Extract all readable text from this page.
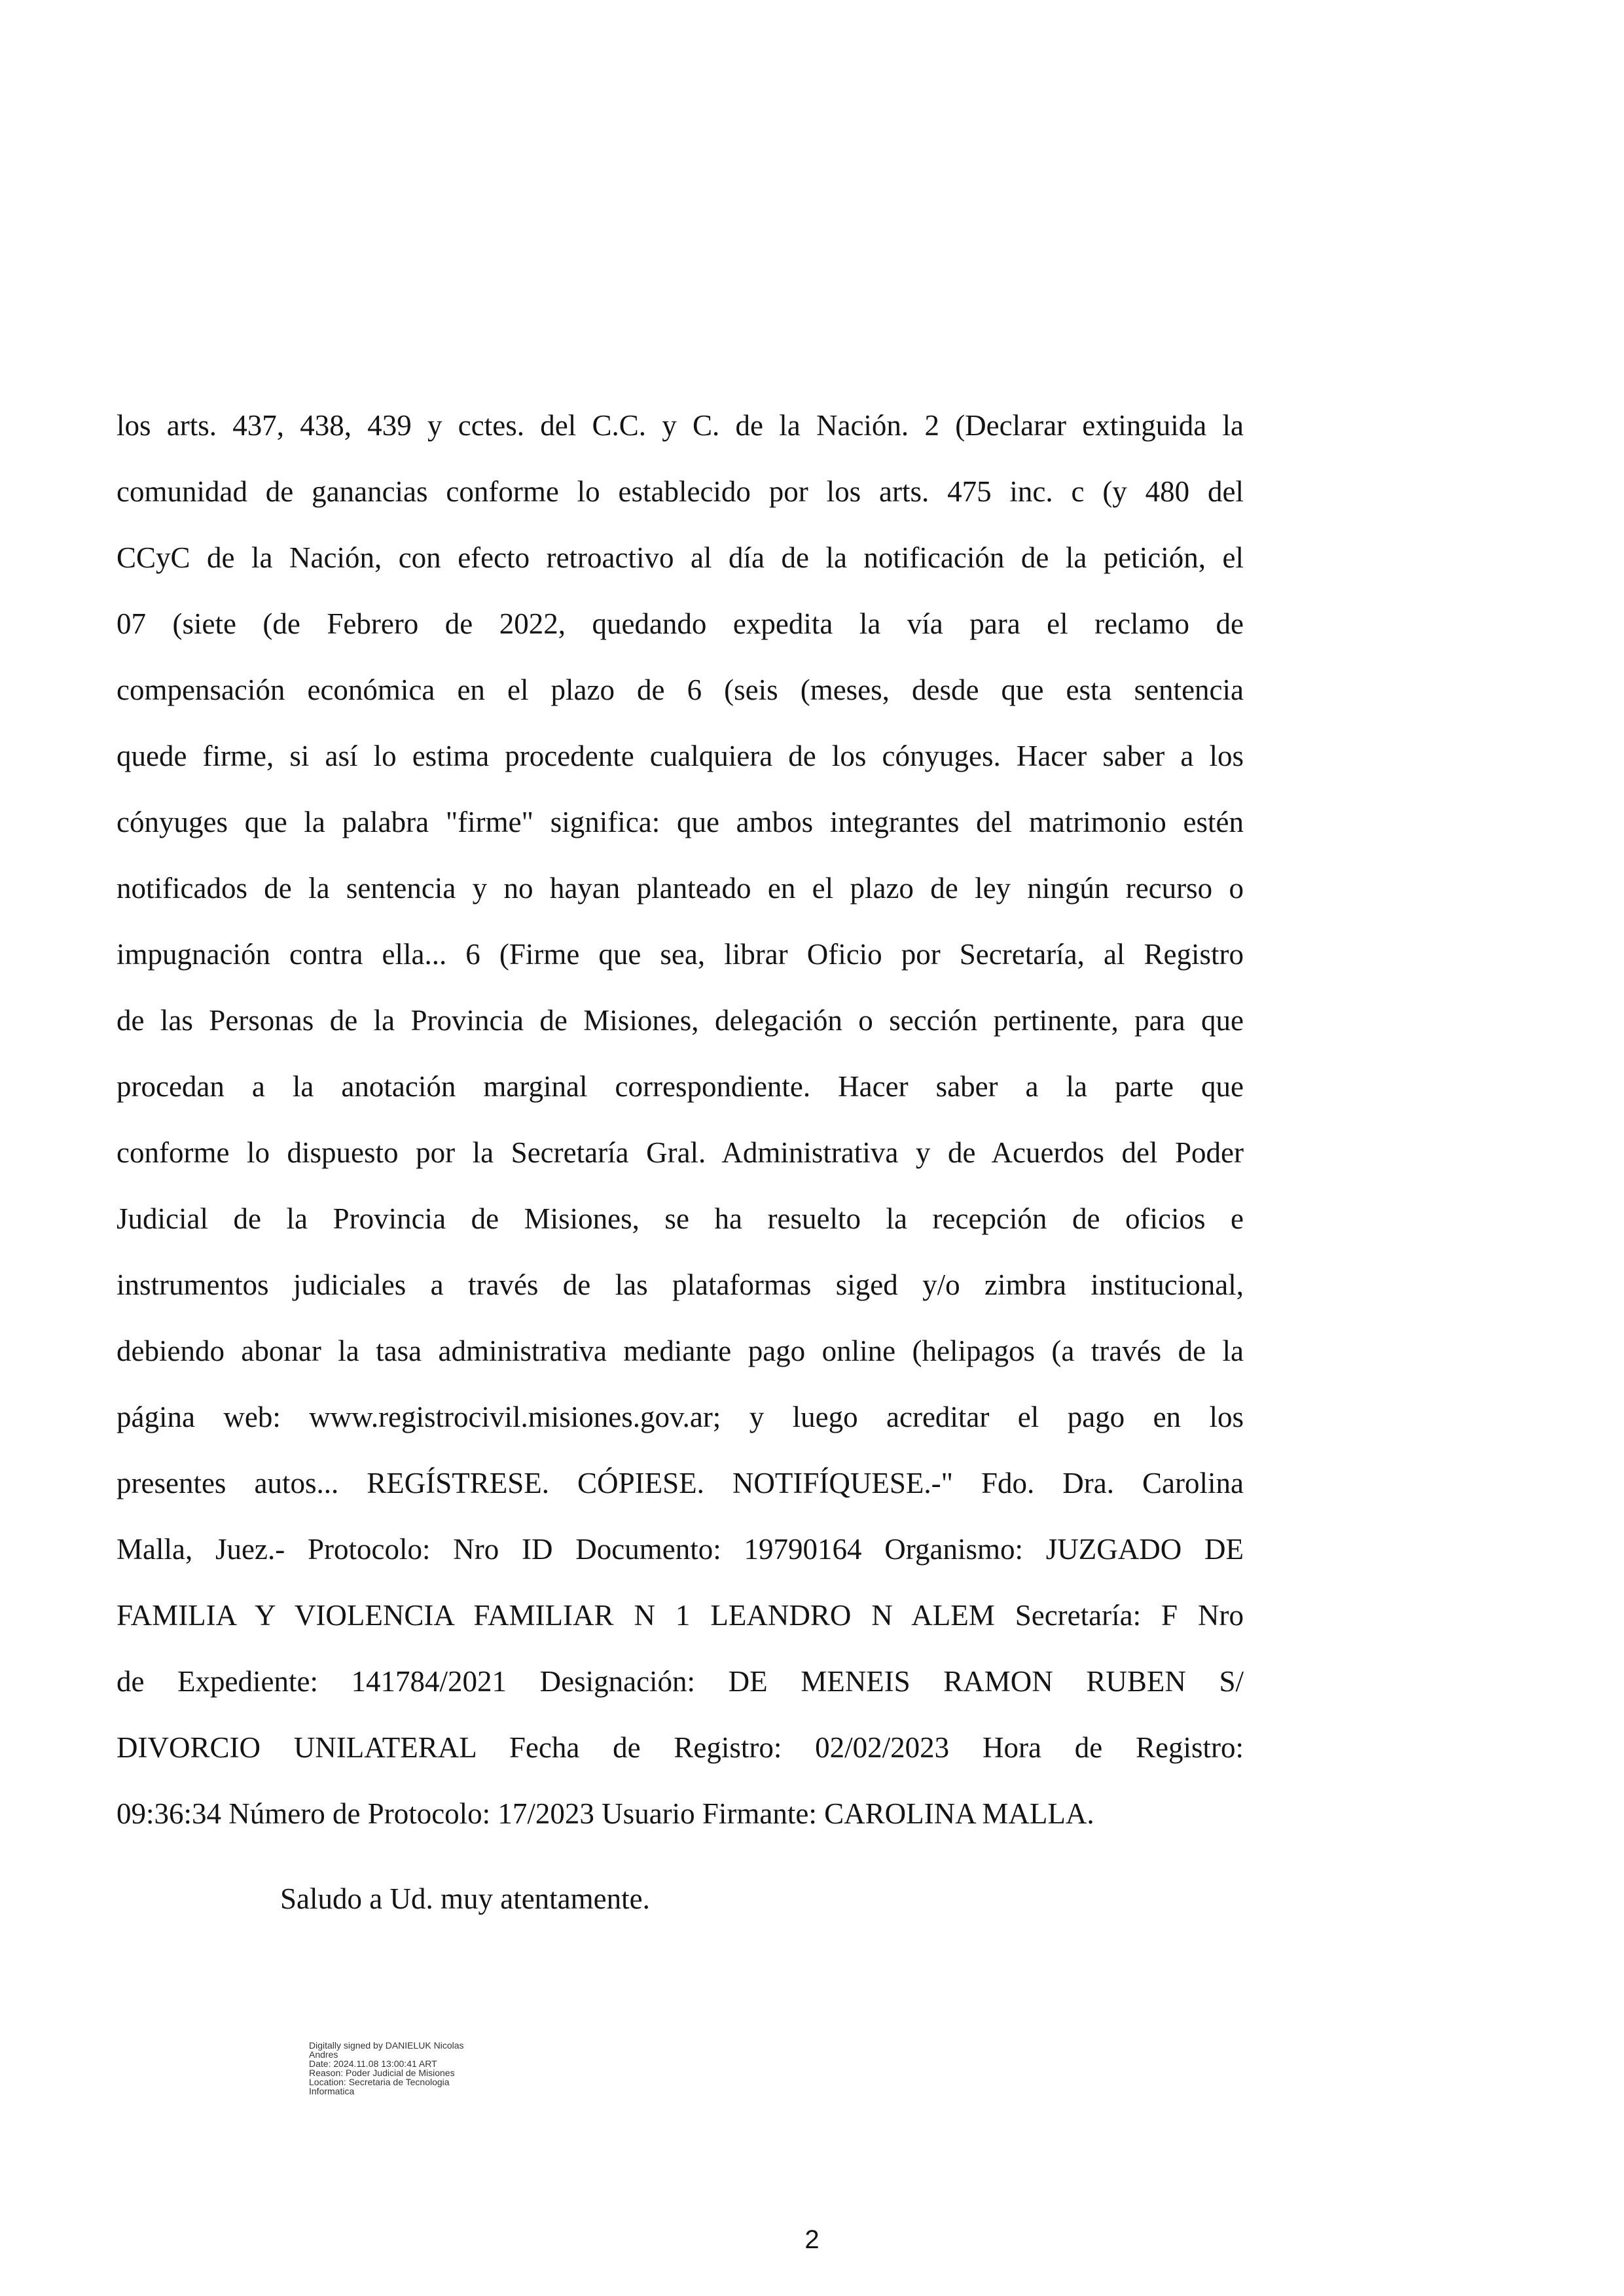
los arts. 437, 438, 439 y cctes. del C.C. y C. de la Nación. 2 (Declarar extinguida la
comunidad de ganancias conforme lo establecido por los arts. 475 inc. c (y 480 del
CCyC de la Nación, con efecto retroactivo al día de la notificación de la petición, el
07 (siete (de Febrero de 2022, quedando expedita la vía para el reclamo de
compensación económica en el plazo de 6 (seis (meses, desde que esta sentencia
quede firme, si así lo estima procedente cualquiera de los cónyuges. Hacer saber a los
cónyuges que la palabra "firme" significa: que ambos integrantes del matrimonio estén
notificados de la sentencia y no hayan planteado en el plazo de ley ningún recurso o
impugnación contra ella... 6 (Firme que sea, librar Oficio por Secretaría, al Registro
de las Personas de la Provincia de Misiones, delegación o sección pertinente, para que
procedan a la anotación marginal correspondiente. Hacer saber a la parte que
conforme lo dispuesto por la Secretaría Gral. Administrativa y de Acuerdos del Poder
Judicial de la Provincia de Misiones, se ha resuelto la recepción de oficios e
instrumentos judiciales a través de las plataformas siged y/o zimbra institucional,
debiendo abonar la tasa administrativa mediante pago online (helipagos (a través de la
página web: www.registrocivil.misiones.gov.ar; y luego acreditar el pago en los
presentes autos... REGÍSTRESE. CÓPIESE. NOTIFÍQUESE.-" Fdo. Dra. Carolina
Malla, Juez.- Protocolo: Nro ID Documento: 19790164 Organismo: JUZGADO DE
FAMILIA Y VIOLENCIA FAMILIAR N 1 LEANDRO N ALEM Secretaría: F Nro
de Expediente: 141784/2021 Designación: DE MENEIS RAMON RUBEN S/
DIVORCIO UNILATERAL Fecha de Registro: 02/02/2023 Hora de Registro:
09:36:34 Número de Protocolo: 17/2023 Usuario Firmante: CAROLINA MALLA.

Saludo a Ud. muy atentamente.

Digitally signed by DANIELUK Nicolas
Andres
Date: 2024.11.08 13:00:41 ART
Reason: Poder Judicial de Misiones
Location: Secretaria de Tecnologia
Informatica

2
